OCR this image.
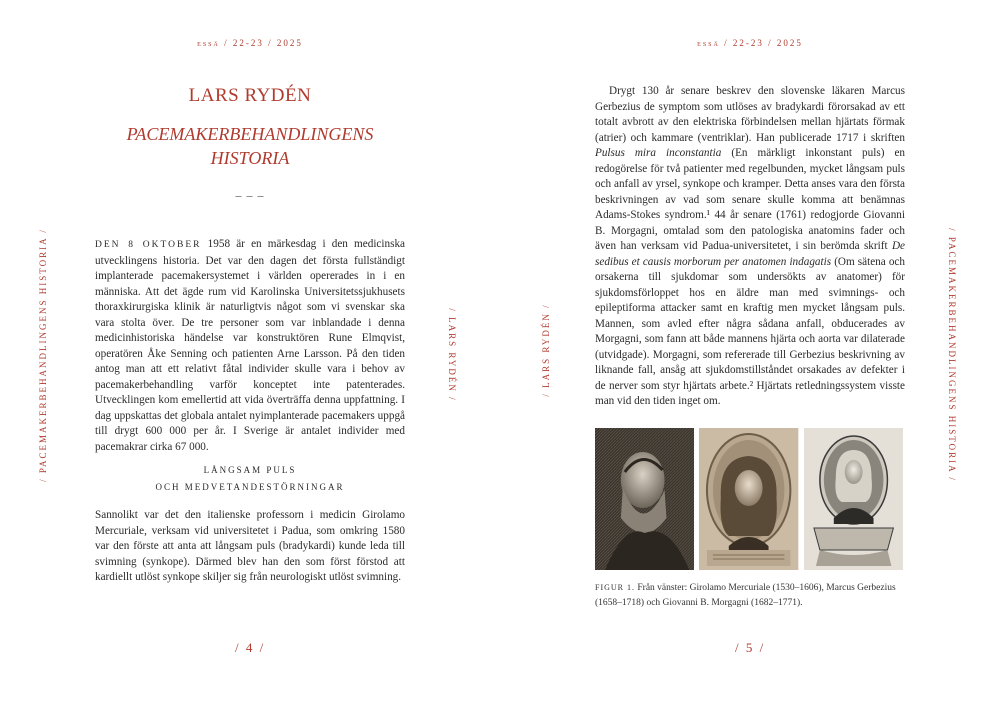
essä / 22-23 / 2025
/ PACEMAKERBEHANDLINGENS HISTORIA /
LARS RYDÉN
PACEMAKERBEHANDLINGENS
HISTORIA
– – –
DEN 8 OKTOBER 1958 är en märkesdag i den medicinska utvecklingens historia. Det var den dagen det första fullständigt implanterade pacemakersystemet i världen opererades in i en människa. Att det ägde rum vid Karolinska Universitetssjukhusets thoraxkirurgiska klinik är naturligtvis något som vi svenskar ska vara stolta över. De tre personer som var inblandade i denna medicinhistoriska händelse var konstruktören Rune Elmqvist, operatören Åke Senning och patienten Arne Larsson. På den tiden antog man att ett relativt fåtal individer skulle vara i behov av pacemakerbehandling varför konceptet inte patenterades. Utvecklingen kom emellertid att vida överträffa denna uppfattning. I dag uppskattas det globala antalet nyimplanterade pacemakers uppgå till drygt 600 000 per år. I Sverige är antalet individer med pacemakrar cirka 67 000.
LÅNGSAM PULS
OCH MEDVETANDESTÖRNINGAR
Sannolikt var det den italienske professorn i medicin Girolamo Mercuriale, verksam vid universitetet i Padua, som omkring 1580 var den förste att anta att långsam puls (bradykardi) kunde leda till svimning (synkope). Därmed blev han den som först förstod att kardiellt utlöst synkope skiljer sig från neurologiskt utlöst svimning.
/ 4 /
/ LARS RYDÉN /
essä / 22-23 / 2025
/ LARS RYDÉN /
Drygt 130 år senare beskrev den slovenske läkaren Marcus Gerbezius de symptom som utlöses av bradykardi förorsakad av ett totalt avbrott av den elektriska förbindelsen mellan hjärtats förmak (atrier) och kammare (ventriklar). Han publicerade 1717 i skriften Pulsus mira inconstantia (En märkligt inkonstant puls) en redogörelse för två patienter med regelbunden, mycket långsam puls och anfall av yrsel, synkope och kramper. Detta anses vara den första beskrivningen av vad som senare skulle komma att benämnas Adams-Stokes syndrom.¹ 44 år senare (1761) redogjorde Giovanni B. Morgagni, omtalad som den patologiska anatomins fader och även han verksam vid Padua-universitetet, i sin berömda skrift De sedibus et causis morborum per anatomen indagatis (Om sätena och orsakerna till sjukdomar som undersökts av anatomer) för sjukdomsförloppet hos en äldre man med svimnings- och epileptiforma attacker samt en kraftig men mycket långsam puls. Mannen, som avled efter några sådana anfall, obducerades av Morgagni, som fann att både mannens hjärta och aorta var dilaterade (utvidgade). Morgagni, som refererade till Gerbezius beskrivning av liknande fall, ansåg att sjukdomstillståndet orsakades av defekter i de nerver som styr hjärtats arbete.² Hjärtats retledningssystem visste man vid den tiden inget om.
FIGUR 1. Från vänster: Girolamo Mercuriale (1530–1606), Marcus Gerbezius (1658–1718) och Giovanni B. Morgagni (1682–1771).
/ 5 /
/ PACEMAKERBEHANDLINGENS HISTORIA /
